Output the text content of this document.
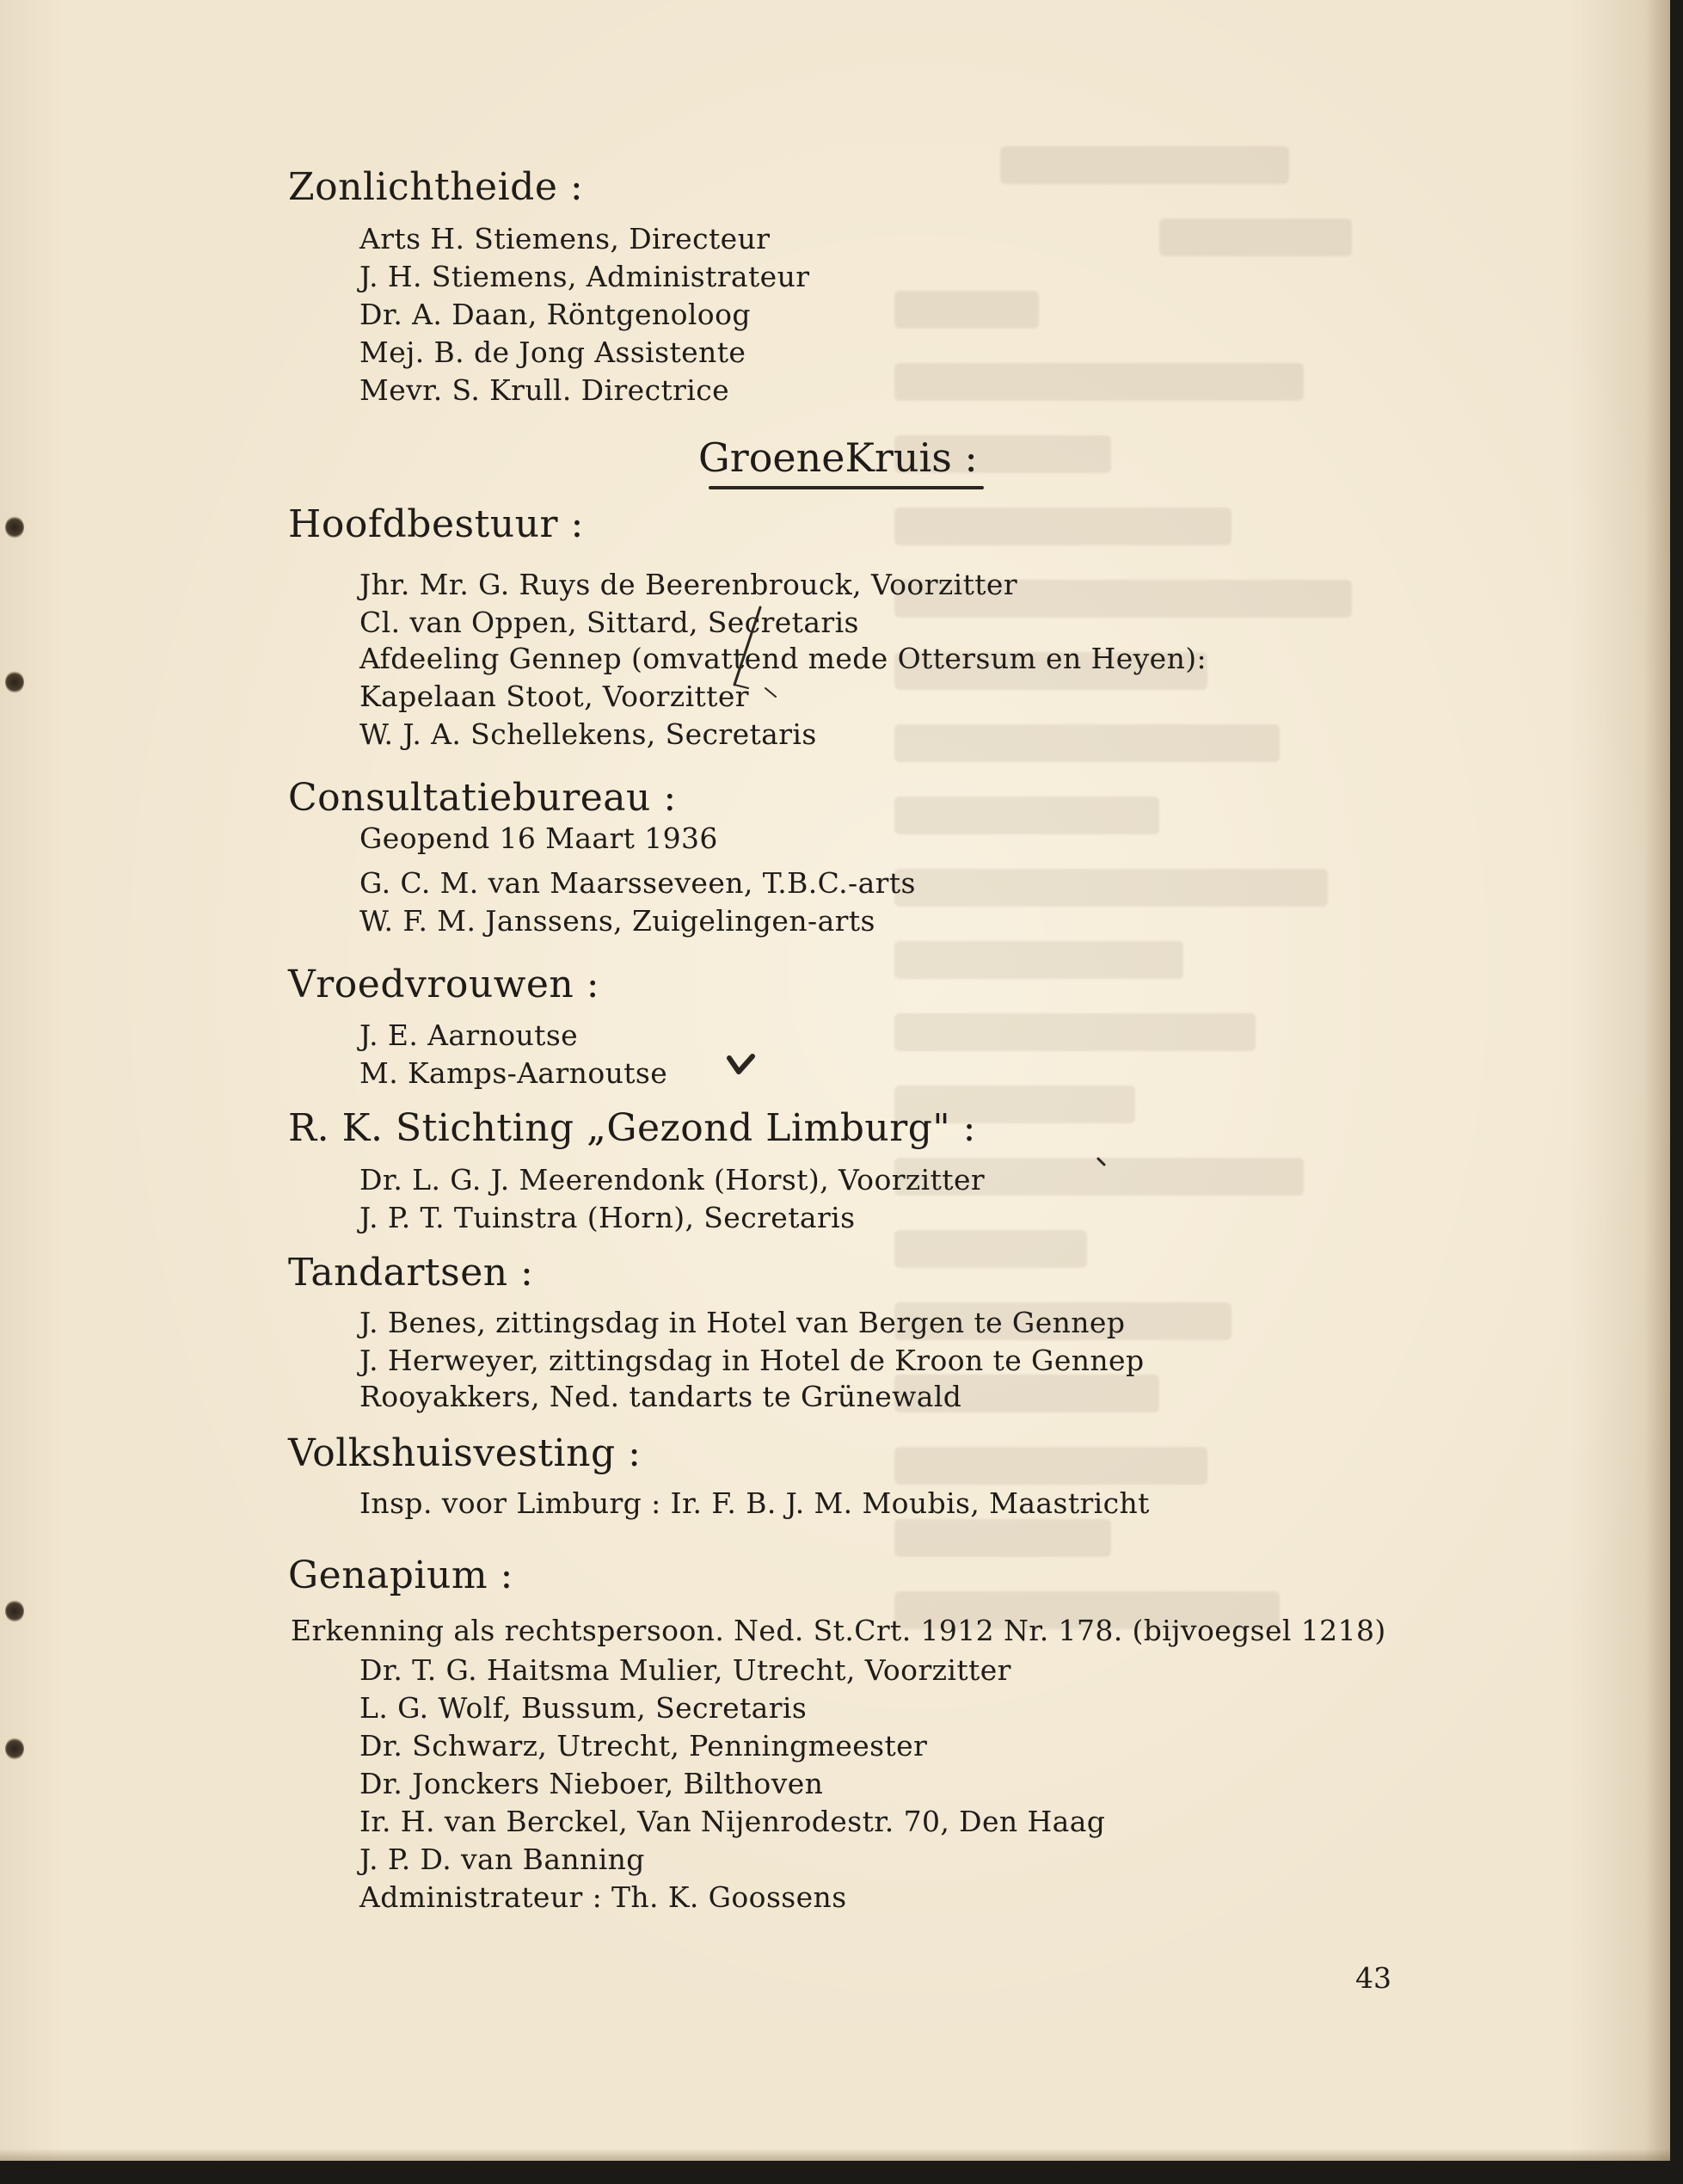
Zonlichtheide :
Arts H. Stiemens, Directeur
J. H. Stiemens, Administrateur
Dr. A. Daan, Röntgenoloog
Mej. B. de Jong Assistente
Mevr. S. Krull. Directrice
GroeneKruis :
Hoofdbestuur :
Jhr. Mr. G. Ruys de Beerenbrouck, Voorzitter
Cl. van Oppen, Sittard, Secretaris
Afdeeling Gennep (omvattend mede Ottersum en Heyen):
Kapelaan Stoot, Voorzitter
W. J. A. Schellekens, Secretaris
Consultatiebureau :
Geopend 16 Maart 1936
G. C. M. van Maarsseveen, T.B.C.-arts
W. F. M. Janssens, Zuigelingen-arts
Vroedvrouwen :
J. E. Aarnoutse
M. Kamps-Aarnoutse
R. K. Stichting „Gezond Limburg" :
Dr. L. G. J. Meerendonk (Horst), Voorzitter
J. P. T. Tuinstra (Horn), Secretaris
Tandartsen :
J. Benes, zittingsdag in Hotel van Bergen te Gennep
J. Herweyer, zittingsdag in Hotel de Kroon te Gennep
Rooyakkers, Ned. tandarts te Grünewald
Volkshuisvesting :
Insp. voor Limburg : Ir. F. B. J. M. Moubis, Maastricht
Genapium :
Erkenning als rechtspersoon. Ned. St.Crt. 1912 Nr. 178. (bijvoegsel 1218)
Dr. T. G. Haitsma Mulier, Utrecht, Voorzitter
L. G. Wolf, Bussum, Secretaris
Dr. Schwarz, Utrecht, Penningmeester
Dr. Jonckers Nieboer, Bilthoven
Ir. H. van Berckel, Van Nijenrodestr. 70, Den Haag
J. P. D. van Banning
Administrateur : Th. K. Goossens
43
